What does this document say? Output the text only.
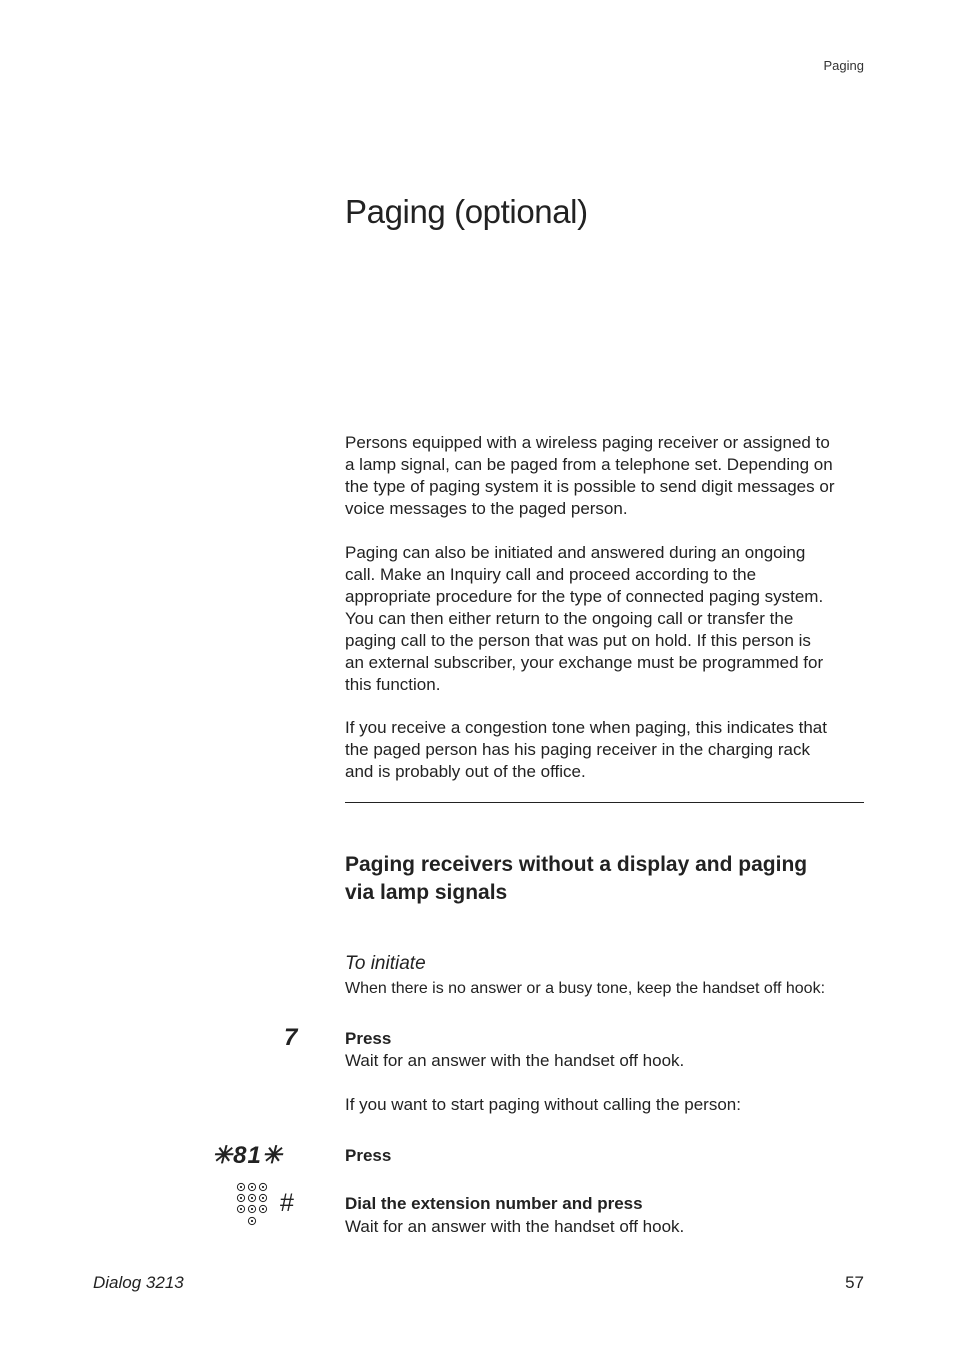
Paging
Paging (optional)
Persons equipped with a wireless paging receiver or assigned to
a lamp signal, can be paged from a telephone set. Depending on
the type of paging system it is possible to send digit messages or
voice messages to the paged person.
Paging can also be initiated and answered during an ongoing
call. Make an Inquiry call and proceed according to the
appropriate procedure for the type of connected paging system.
You can then either return to the ongoing call or transfer the
paging call to the person that was put on hold. If this person is
an external subscriber, your exchange must be programmed for
this function.
If you receive a congestion tone when paging, this indicates that
the paged person has his paging receiver in the charging rack
and is probably out of the office.
Paging receivers without a display and paging
via lamp signals
To initiate
When there is no answer or a busy tone, keep the handset off hook:
7	Press
Wait for an answer with the handset off hook.
If you want to start paging without calling the person:
✳81✳	Press
#	Dial the extension number and press
Wait for an answer with the handset off hook.
Dialog 3213	57
